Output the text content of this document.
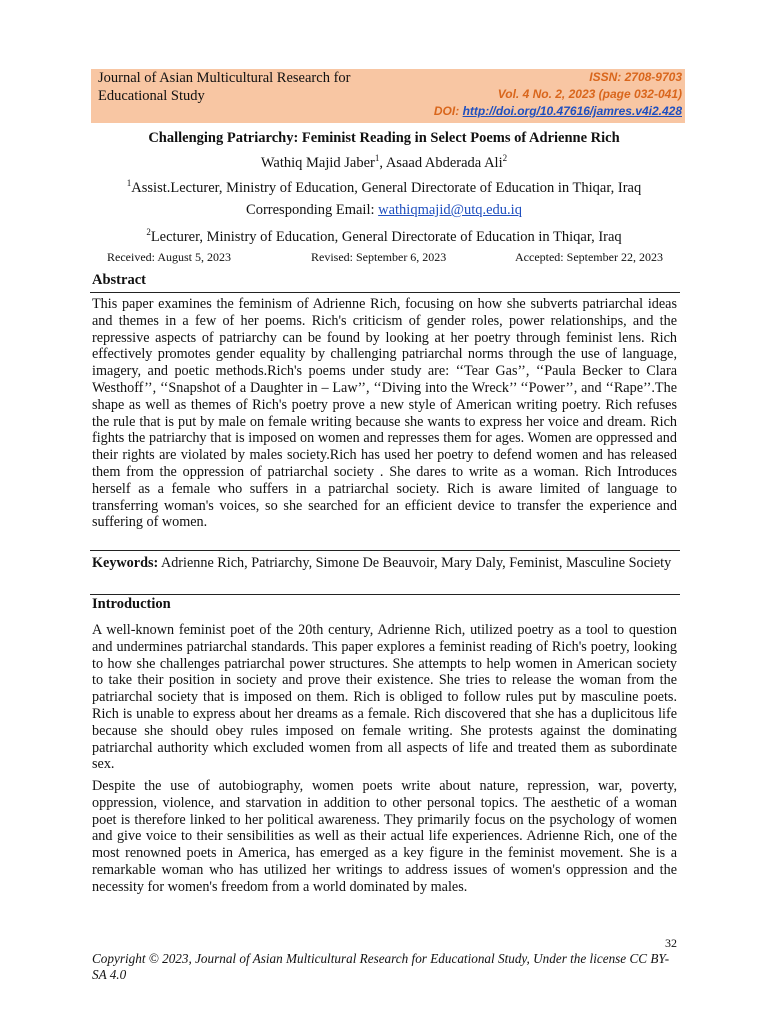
Journal of Asian Multicultural Research for Educational Study
ISSN: 2708-9703
Vol. 4 No. 2, 2023 (page 032-041)
DOI: http://doi.org/10.47616/jamres.v4i2.428
Challenging Patriarchy: Feminist Reading in Select Poems of Adrienne Rich
Wathiq Majid Jaber$^1$, Asaad Abderada Ali$^2$
$^1$Assist.Lecturer, Ministry of Education, General Directorate of Education in Thiqar, Iraq
Corresponding Email: wathiqmajid@utq.edu.iq
$^2$Lecturer, Ministry of Education, General Directorate of Education in Thiqar, Iraq
Received: August 5, 2023	Revised: September 6, 2023	Accepted: September 22, 2023
Abstract
This paper examines the feminism of Adrienne Rich, focusing on how she subverts patriarchal ideas and themes in a few of her poems. Rich's criticism of gender roles, power relationships, and the repressive aspects of patriarchy can be found by looking at her poetry through feminist lens. Rich effectively promotes gender equality by challenging patriarchal norms through the use of language, imagery, and poetic methods.Rich's poems under study are: ‘‘Tear Gas’’, ‘‘Paula Becker to Clara Westhoff’’, ‘‘Snapshot of a Daughter in – Law’’, ‘‘Diving into the Wreck’’ ‘‘Power’’, and ‘‘Rape’’.The shape as well as themes of Rich's poetry prove a new style of American writing poetry. Rich refuses the rule that is put by male on female writing because she wants to express her voice and dream. Rich fights the patriarchy that is imposed on women and represses them for ages. Women are oppressed and their rights are violated by males society.Rich has used her poetry to defend women and has released them from the oppression of patriarchal society . She dares to write as a woman. Rich Introduces herself as a female who suffers in a patriarchal society. Rich is aware limited of language to transferring woman's voices, so she searched for an efficient device to transfer the experience and suffering of women.
Keywords: Adrienne Rich, Patriarchy, Simone De Beauvoir, Mary Daly, Feminist, Masculine Society
Introduction
A well-known feminist poet of the 20th century, Adrienne Rich, utilized poetry as a tool to question and undermines patriarchal standards. This paper explores a feminist reading of Rich's poetry, looking to how she challenges patriarchal power structures. She attempts to help women in American society to take their position in society and prove their existence. She tries to release the woman from the patriarchal society that is imposed on them. Rich is obliged to follow rules put by masculine poets. Rich is unable to express about her dreams as a female. Rich discovered that she has a duplicitous life because she should obey rules imposed on female writing. She protests against the dominating patriarchal authority which excluded women from all aspects of life and treated them as subordinate sex.
Despite the use of autobiography, women poets write about nature, repression, war, poverty, oppression, violence, and starvation in addition to other personal topics. The aesthetic of a woman poet is therefore linked to her political awareness. They primarily focus on the psychology of women and give voice to their sensibilities as well as their actual life experiences. Adrienne Rich, one of the most renowned poets in America, has emerged as a key figure in the feminist movement. She is a remarkable woman who has utilized her writings to address issues of women's oppression and the necessity for women's freedom from a world dominated by males.
32
Copyright © 2023, Journal of Asian Multicultural Research for Educational Study, Under the license CC BY-SA 4.0
